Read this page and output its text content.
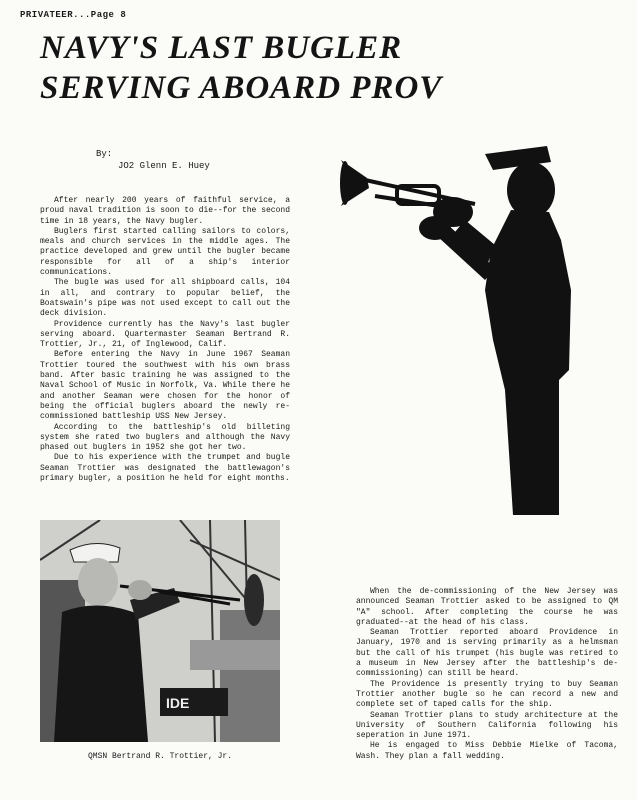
PRIVATEER...Page 8
NAVY'S LAST BUGLER
SERVING ABOARD PROV
By:
JO2 Glenn E. Huey

After nearly 200 years of faithful service, a proud naval tradition is soon to die--for the second time in 18 years, the Navy bugler.

Buglers first started calling sailors to colors, meals and church services in the middle ages. The practice developed and grew until the bugler became responsible for all of a ship's interior communications.

The bugle was used for all shipboard calls, 104 in all, and contrary to popular belief, the Boatswain's pipe was not used except to call out the deck division.

Providence currently has the Navy's last bugler serving aboard. Quartermaster Seaman Bertrand R. Trottier, Jr., 21, of Inglewood, Calif.

Before entering the Navy in June 1967 Seaman Trottier toured the southwest with his own brass band. After basic training he was assigned to the Naval School of Music in Norfolk, Va. While there he and another Seaman were chosen for the honor of being the official buglers aboard the newly re-commissioned battleship USS New Jersey.

According to the battleship's old billeting system she rated two buglers and although the Navy phased out buglers in 1952 she got her two.

Due to his experience with the trumpet and bugle Seaman Trottier was designated the battlewagon's primary bugler, a position he held for eight months.

IDE
QMSN Bertrand R. Trottier, Jr.

When the de-commissioning of the New Jersey was announced Seaman Trottier asked to be assigned to QM "A" school. After completing the course he was graduated--at the head of his class.

Seaman Trottier reported aboard Providence in January, 1970 and is serving primarily as a helmsman but the call of his trumpet (his bugle was retired to a museum in New Jersey after the battleship's de-commissioning) can still be heard.

The Providence is presently trying to buy Seaman Trottier another bugle so he can record a new and complete set of taped calls for the ship.

Seaman Trottier plans to study architecture at the University of Southern California following his seperation in June 1971.

He is engaged to Miss Debbie Mielke of Tacoma, Wash. They plan a fall wedding.
